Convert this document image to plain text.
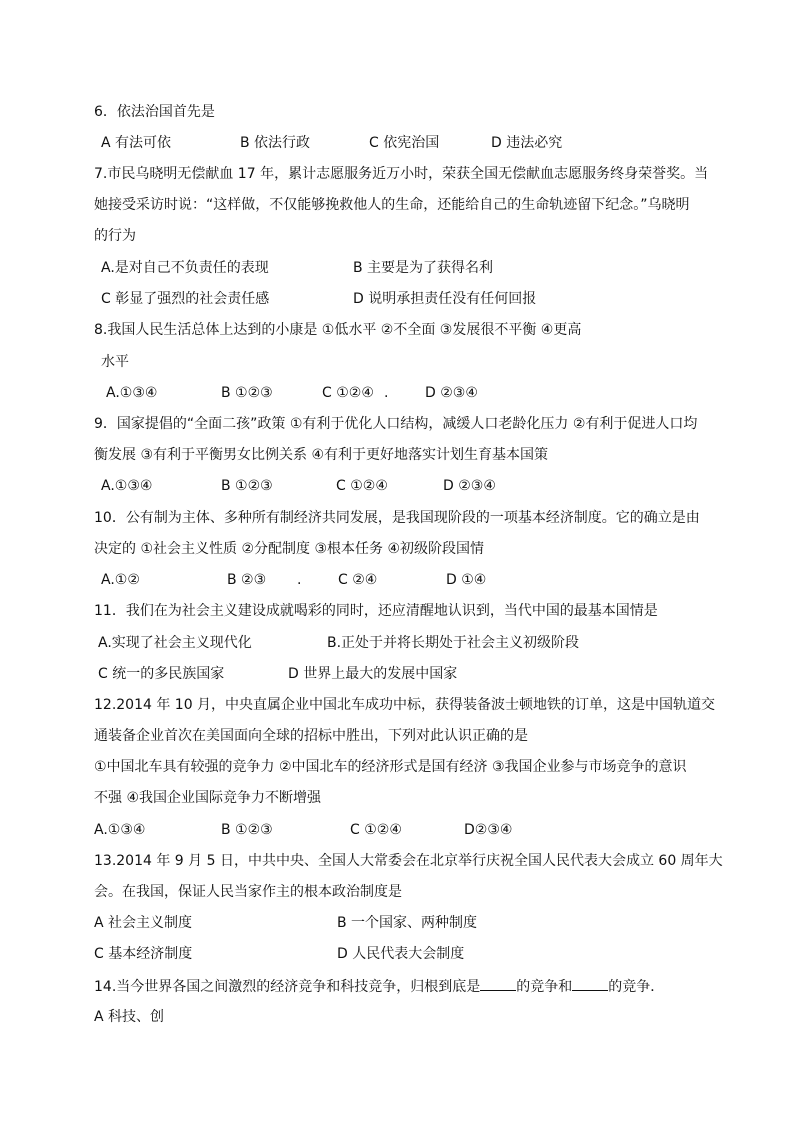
6．依法治国首先是
A 有法可依	B 依法行政	C 依宪治国	D 违法必究
7.市民乌晓明无偿献血 17 年，累计志愿服务近万小时，荣获全国无偿献血志愿服务终身荣誉奖。当
她接受采访时说：“这样做，不仅能够挽救他人的生命，还能给自己的生命轨迹留下纪念。”乌晓明
的行为
A.是对自己不负责任的表现	B 主要是为了获得名利
C 彰显了强烈的社会责任感	D 说明承担责任没有任何回报
8.我国人民生活总体上达到的小康是 ①低水平 ②不全面 ③发展很不平衡 ④更高
水平
A.①③④	B ①②③	C ①②④ .	D ②③④
9．国家提倡的“全面二孩”政策 ①有利于优化人口结构，减缓人口老龄化压力 ②有利于促进人口均
衡发展 ③有利于平衡男女比例关系 ④有利于更好地落实计划生育基本国策
A.①③④	B ①②③	C ①②④	D ②③④
10．公有制为主体、多种所有制经济共同发展，是我国现阶段的一项基本经济制度。它的确立是由
决定的 ①社会主义性质 ②分配制度 ③根本任务 ④初级阶段国情
A.①②	B ②③ .	C ②④	D ①④
11．我们在为社会主义建设成就喝彩的同时，还应清醒地认识到，当代中国的最基本国情是
A.实现了社会主义现代化	B.正处于并将长期处于社会主义初级阶段
C 统一的多民族国家	D 世界上最大的发展中国家
12.2014 年 10 月，中央直属企业中国北车成功中标，获得装备波士顿地铁的订单，这是中国轨道交
通装备企业首次在美国面向全球的招标中胜出，下列对此认识正确的是
①中国北车具有较强的竞争力 ②中国北车的经济形式是国有经济 ③我国企业参与市场竞争的意识
不强 ④我国企业国际竞争力不断增强
A.①③④	B ①②③	C ①②④	D②③④
13.2014 年 9 月 5 日，中共中央、全国人大常委会在北京举行庆祝全国人民代表大会成立 60 周年大
会。在我国，保证人民当家作主的根本政治制度是
A 社会主义制度	B 一个国家、两种制度
C 基本经济制度	D 人民代表大会制度
14.当今世界各国之间激烈的经济竞争和科技竞争，归根到底是	的竞争和	的竞争．
A 科技、创
